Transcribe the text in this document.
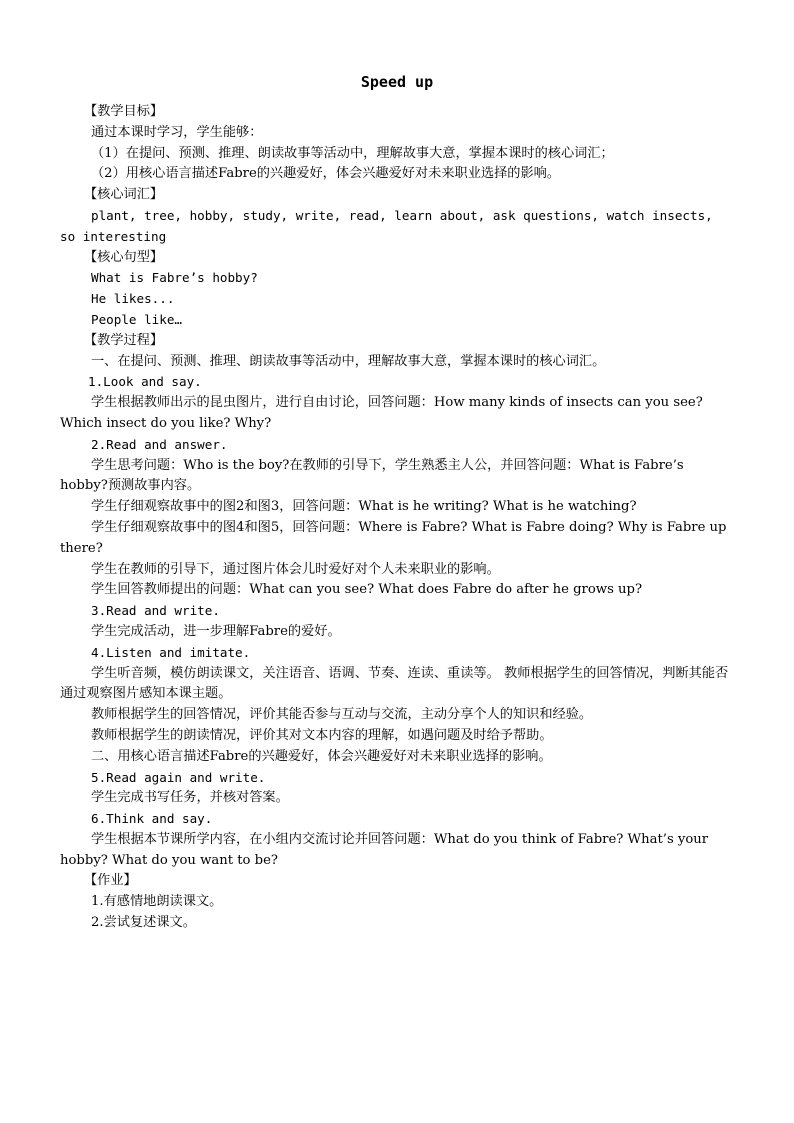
Speed up

【教学目标】

通过本课时学习，学生能够：

（1）在提问、预测、推理、朗读故事等活动中，理解故事大意，掌握本课时的核心词汇；

（2）用核心语言描述Fabre的兴趣爱好，体会兴趣爱好对未来职业选择的影响。

【核心词汇】

plant, tree, hobby, study, write, read, learn about, ask questions, watch insects, so interesting

【核心句型】

What is Fabre’s hobby?

He likes...

People like…

【教学过程】

一、在提问、预测、推理、朗读故事等活动中，理解故事大意，掌握本课时的核心词汇。

1.Look and say.

学生根据教师出示的昆虫图片，进行自由讨论，回答问题：How many kinds of insects can you see? Which insect do you like? Why?

2.Read and answer.

学生思考问题：Who is the boy?在教师的引导下，学生熟悉主人公，并回答问题：What is Fabre’s hobby?预测故事内容。

学生仔细观察故事中的图2和图3，回答问题：What is he writing? What is he watching?

学生仔细观察故事中的图4和图5，回答问题：Where is Fabre? What is Fabre doing? Why is Fabre up there?

学生在教师的引导下，通过图片体会儿时爱好对个人未来职业的影响。

学生回答教师提出的问题：What can you see? What does Fabre do after he grows up?

3.Read and write.

学生完成活动，进一步理解Fabre的爱好。

4.Listen and imitate.

学生听音频，模仿朗读课文，关注语音、语调、节奏、连读、重读等。 教师根据学生的回答情况，判断其能否通过观察图片感知本课主题。

教师根据学生的回答情况，评价其能否参与互动与交流，主动分享个人的知识和经验。

教师根据学生的朗读情况，评价其对文本内容的理解，如遇问题及时给予帮助。

二、用核心语言描述Fabre的兴趣爱好，体会兴趣爱好对未来职业选择的影响。

5.Read again and write.

学生完成书写任务，并核对答案。

6.Think and say.

学生根据本节课所学内容，在小组内交流讨论并回答问题：What do you think of Fabre? What’s your hobby? What do you want to be?

【作业】

1.有感情地朗读课文。

2.尝试复述课文。
